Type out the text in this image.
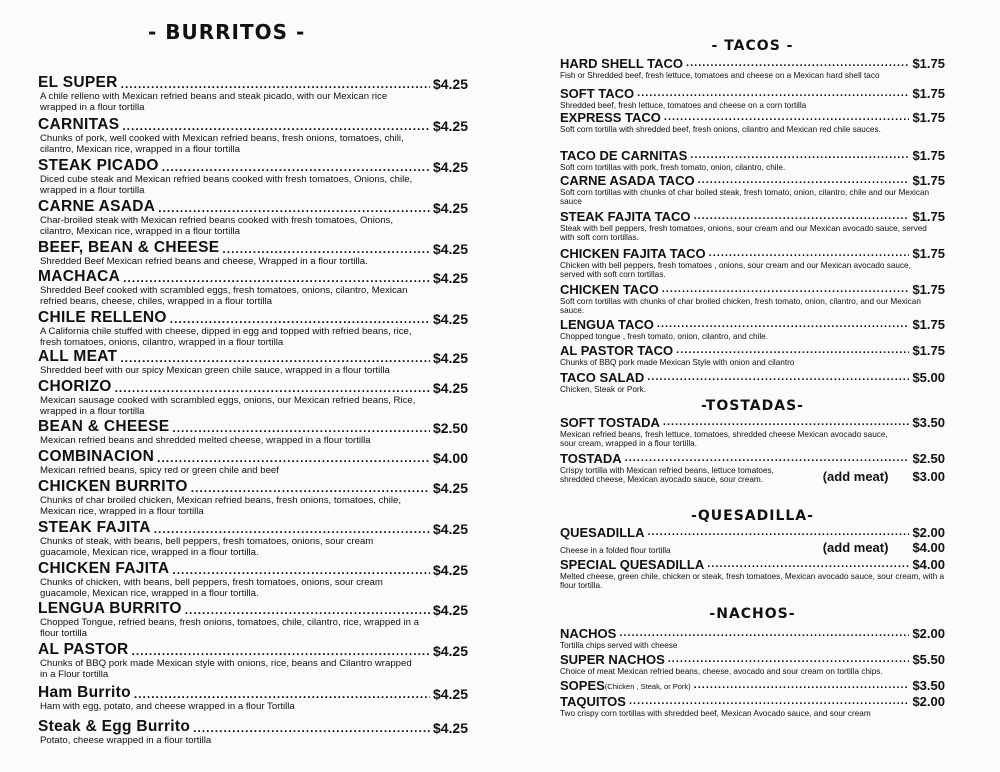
- BURRITOS -
EL SUPER .....	$4.25
A chile relleno with Mexican refried beans and steak picado, with our Mexican rice wrapped in a flour tortilla
CARNITAS .....	$4.25
Chunks of pork, well cooked with Mexican refried beans, fresh onions, tomatoes, chili, cilantro, Mexican rice, wrapped in a flour tortilla
STEAK PICADO .....	$4.25
Diced cube steak and Mexican refried beans cooked with fresh tomatoes, Onions, chile, wrapped in a flour tortilla
CARNE ASADA .....	$4.25
Char-broiled steak with Mexican refried beans cooked with fresh tomatoes, Onions, cilantro, Mexican rice, wrapped in a flour tortilla
BEEF, BEAN & CHEESE .....	$4.25
Shredded Beef Mexican refried beans and cheese, Wrapped in a flour tortilla.
MACHACA .....	$4.25
Shredded Beef cooked with scrambled eggs, fresh tomatoes, onions, cilantro, Mexican refried beans, cheese, chiles, wrapped in a flour tortilla
CHILE RELLENO .....	$4.25
A California chile stuffed with cheese, dipped in egg and topped with refried beans, rice, fresh tomatoes, onions, cilantro, wrapped in a flour tortilla
ALL MEAT .....	$4.25
Shredded beef with our spicy Mexican green chile sauce, wrapped in a flour tortilla
CHORIZO .....	$4.25
Mexican sausage cooked with scrambled eggs, onions, our Mexican refried beans, Rice, wrapped in a flour tortilla
BEAN & CHEESE .....	$2.50
Mexican refried beans and shredded melted cheese, wrapped in a flour tortilla
COMBINACION .....	$4.00
Mexican refried beans, spicy red or green chile and beef
CHICKEN BURRITO .....	$4.25
Chunks of char broiled chicken, Mexican refried beans, fresh onions, tomatoes, chile, Mexican rice, wrapped in a flour tortilla
STEAK FAJITA .....	$4.25
Chunks of steak, with beans, bell peppers, fresh tomatoes, onions, sour cream guacamole, Mexican rice, wrapped in a flour tortilla.
CHICKEN FAJITA .....	$4.25
Chunks of chicken, with beans, bell peppers, fresh tomatoes, onions, sour cream guacamole, Mexican rice, wrapped in a flour tortilla.
LENGUA BURRITO .....	$4.25
Chopped Tongue, refried beans, fresh onions, tomatoes, chile, cilantro, rice, wrapped in a flour tortilla
AL PASTOR .....	$4.25
Chunks of BBQ pork made Mexican style with onions, rice, beans and Cilantro wrapped in a Flour tortilla
Ham Burrito .....	$4.25
Ham with egg, potato, and cheese wrapped in a flour Tortilla
Steak & Egg Burrito .....	$4.25
Potato, cheese wrapped in a flour tortilla
- TACOS -
-TOSTADAS-
-QUESADILLA-
-NACHOS-
HARD SHELL TACO .....	$1.75
Fish or Shredded beef, fresh lettuce, tomatoes and cheese on a Mexican hard shell taco
SOFT TACO .....	$1.75
Shredded beef, fresh lettuce, tomatoes and cheese on a corn tortilla
EXPRESS TACO .....	$1.75
Soft corn tortilla with shredded beef, fresh onions, cilantro and Mexican red chile sauces.
TACO DE CARNITAS .....	$1.75
Soft corn tortillas with pork, fresh tomato, onion, cilantro, chile.
CARNE ASADA TACO .....	$1.75
Soft corn tortillas with chunks of char boiled steak, fresh tomato, onion, cilantro, chile and our Mexican sauce
STEAK FAJITA TACO .....	$1.75
Steak with bell peppers, fresh tomatoes, onions, sour cream and our Mexican avocado sauce, served with soft corn tortillas.
CHICKEN FAJITA TACO .....	$1.75
Chicken with bell peppers, fresh tomatoes , onions, sour cream and our Mexican avocado sauce, served with soft corn tortillas.
CHICKEN TACO .....	$1.75
Soft corn tortillas with chunks of char broiled chicken, fresh tomato, onion, cilantro, and our Mexican sauce.
LENGUA TACO .....	$1.75
Chopped tongue , fresh tomato, onion, cilantro, and chile.
AL PASTOR TACO .....	$1.75
Chunks of BBQ pork made Mexican Style with onion and cilantro
TACO SALAD .....	$5.00
Chicken, Steak or Pork.
SOFT TOSTADA .....	$3.50
Mexican refried beans, fresh lettuce, tomatoes, shredded cheese Mexican avocado sauce, sour cream, wrapped in a flour tortilla.
TOSTADA .....	$2.50
Crispy tortilla with Mexican refried beans, lettuce tomatoes, shredded cheese, Mexican avocado sauce, sour cream.	(add meat) $3.00
QUESADILLA .....	$2.00
Cheese in a folded flour tortilla	(add meat) $4.00
SPECIAL QUESADILLA .....	$4.00
Melted cheese, green chile, chicken or steak, fresh tomatoes, Mexican avocado sauce, sour cream, with a flour tortilla.
NACHOS .....	$2.00
Tortilla chips served with cheese
SUPER NACHOS .....	$5.50
Choice of meat Mexican refried beans, cheese, avocado and sour cream on tortilla chips.
SOPES (Chicken , Steak, or Pork) .....	$3.50
TAQUITOS .....	$2.00
Two crispy corn tortillas with shredded beef, Mexican Avocado sauce, and sour cream
